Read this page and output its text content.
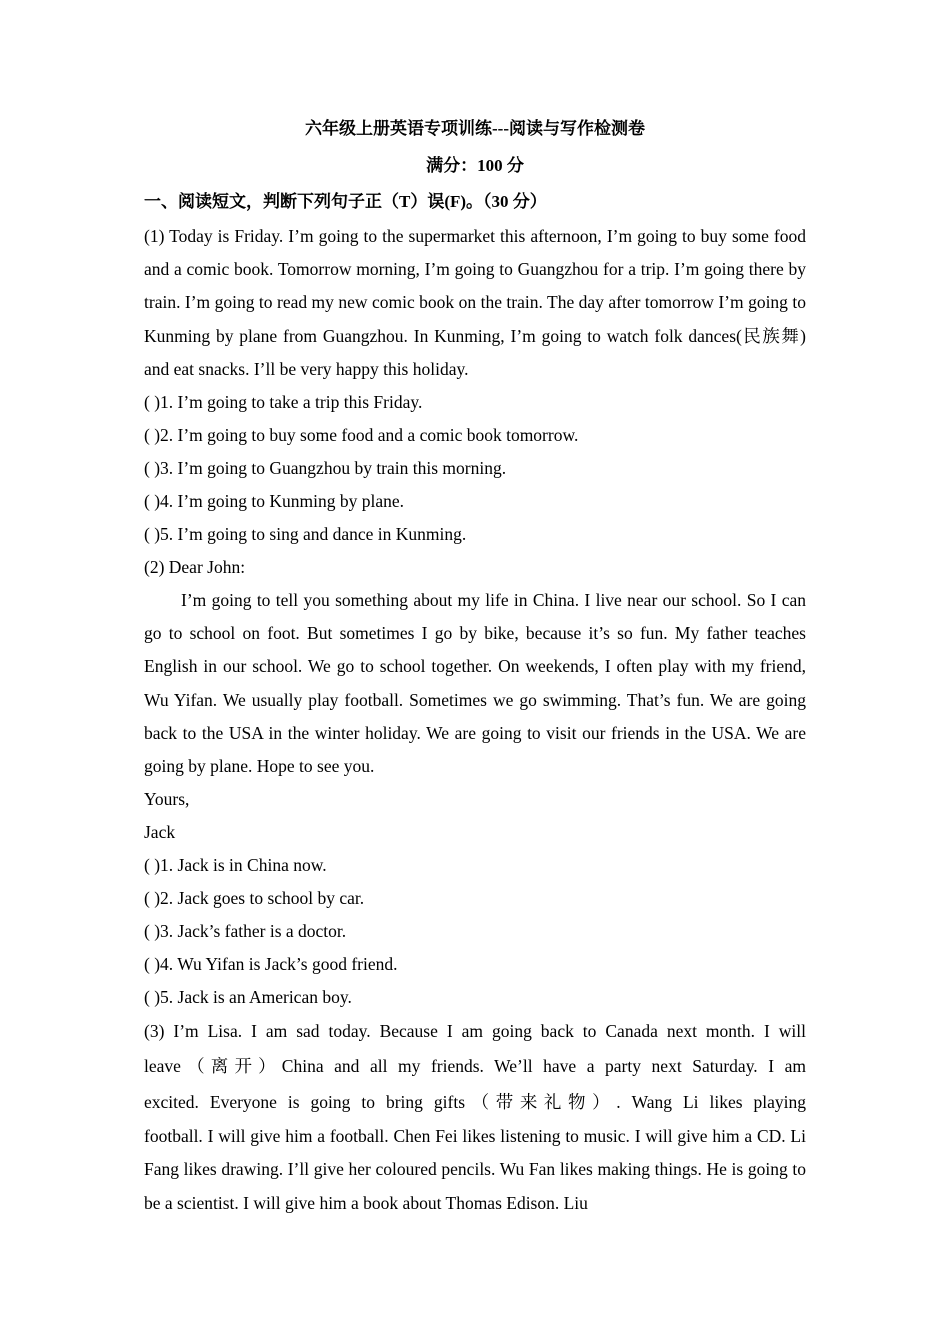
六年级上册英语专项训练---阅读与写作检测卷
满分：100 分
一、阅读短文，判断下列句子正（T）误(F)。（30 分）

(1) Today is Friday. I’m going to the supermarket this afternoon, I’m going to buy some food and a comic book. Tomorrow morning, I’m going to Guangzhou for a trip. I’m going there by train. I’m going to read my new comic book on the train. The day after tomorrow I’m going to Kunming by plane from Guangzhou. In Kunming, I’m going to watch folk dances(民族舞) and eat snacks. I’ll be very happy this holiday.

( )1. I’m going to take a trip this Friday.
( )2. I’m going to buy some food and a comic book tomorrow.
( )3. I’m going to Guangzhou by train this morning.
( )4. I’m going to Kunming by plane.
( )5. I’m going to sing and dance in Kunming.
(2) Dear John:

I’m going to tell you something about my life in China. I live near our school. So I can go to school on foot. But sometimes I go by bike, because it’s so fun. My father teaches English in our school. We go to school together. On weekends, I often play with my friend, Wu Yifan. We usually play football. Sometimes we go swimming. That’s fun. We are going back to the USA in the winter holiday. We are going to visit our friends in the USA. We are going by plane. Hope to see you.

Yours,
Jack
( )1. Jack is in China now.
( )2. Jack goes to school by car.
( )3. Jack’s father is a doctor.
( )4. Wu Yifan is Jack’s good friend.
( )5. Jack is an American boy.

(3) I’m Lisa. I am sad today. Because I am going back to Canada next month. I will

leave（离开）China and all my friends. We’ll have a party next Saturday. I am

excited. Everyone is going to bring gifts（带来礼物）. Wang Li likes playing

football. I will give him a football. Chen Fei likes listening to music. I will give him a CD. Li Fang likes drawing. I’ll give her coloured pencils. Wu Fan likes making things. He is going to be a scientist. I will give him a book about Thomas Edison. Liu
